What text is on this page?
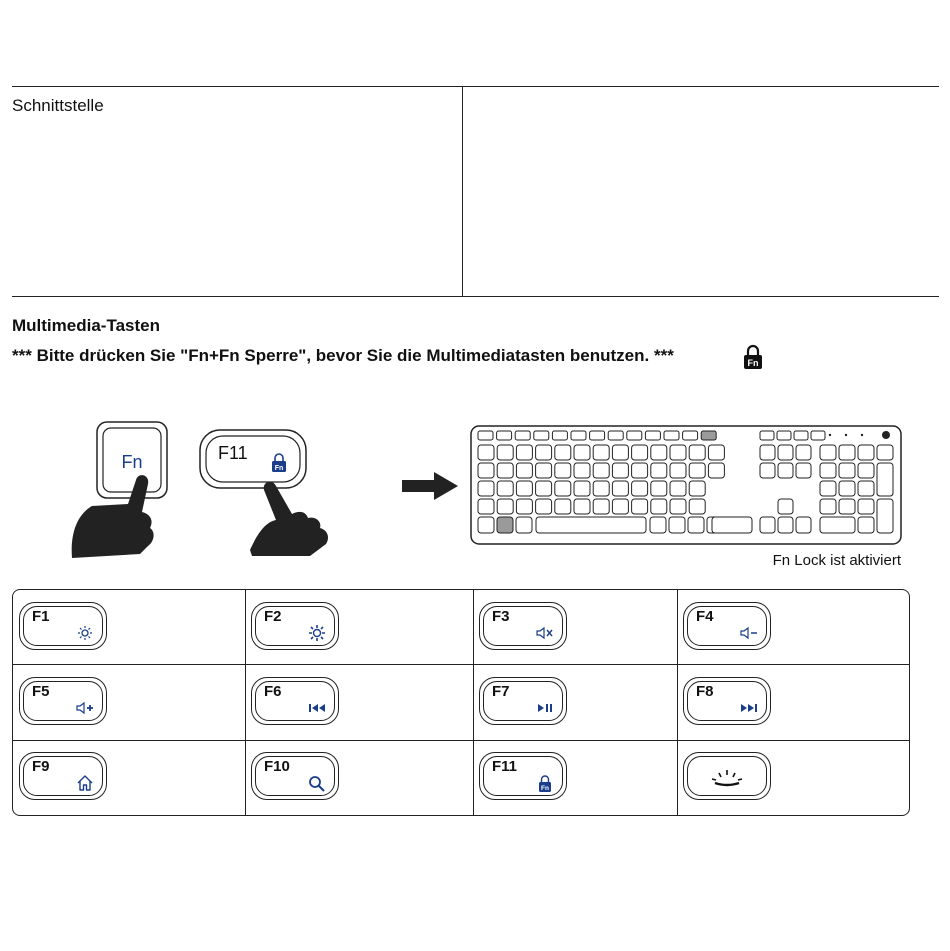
Schnittstelle
Multimedia-Tasten
*** Bitte drücken Sie "Fn+Fn Sperre", bevor Sie die Multimediatasten benutzen. ***	Fn
Fn	F11
Fn
Fn Lock ist aktiviert
F1	F2	F3	F4
F5	F6	F7	F8
F9	F10	F11
Fn
